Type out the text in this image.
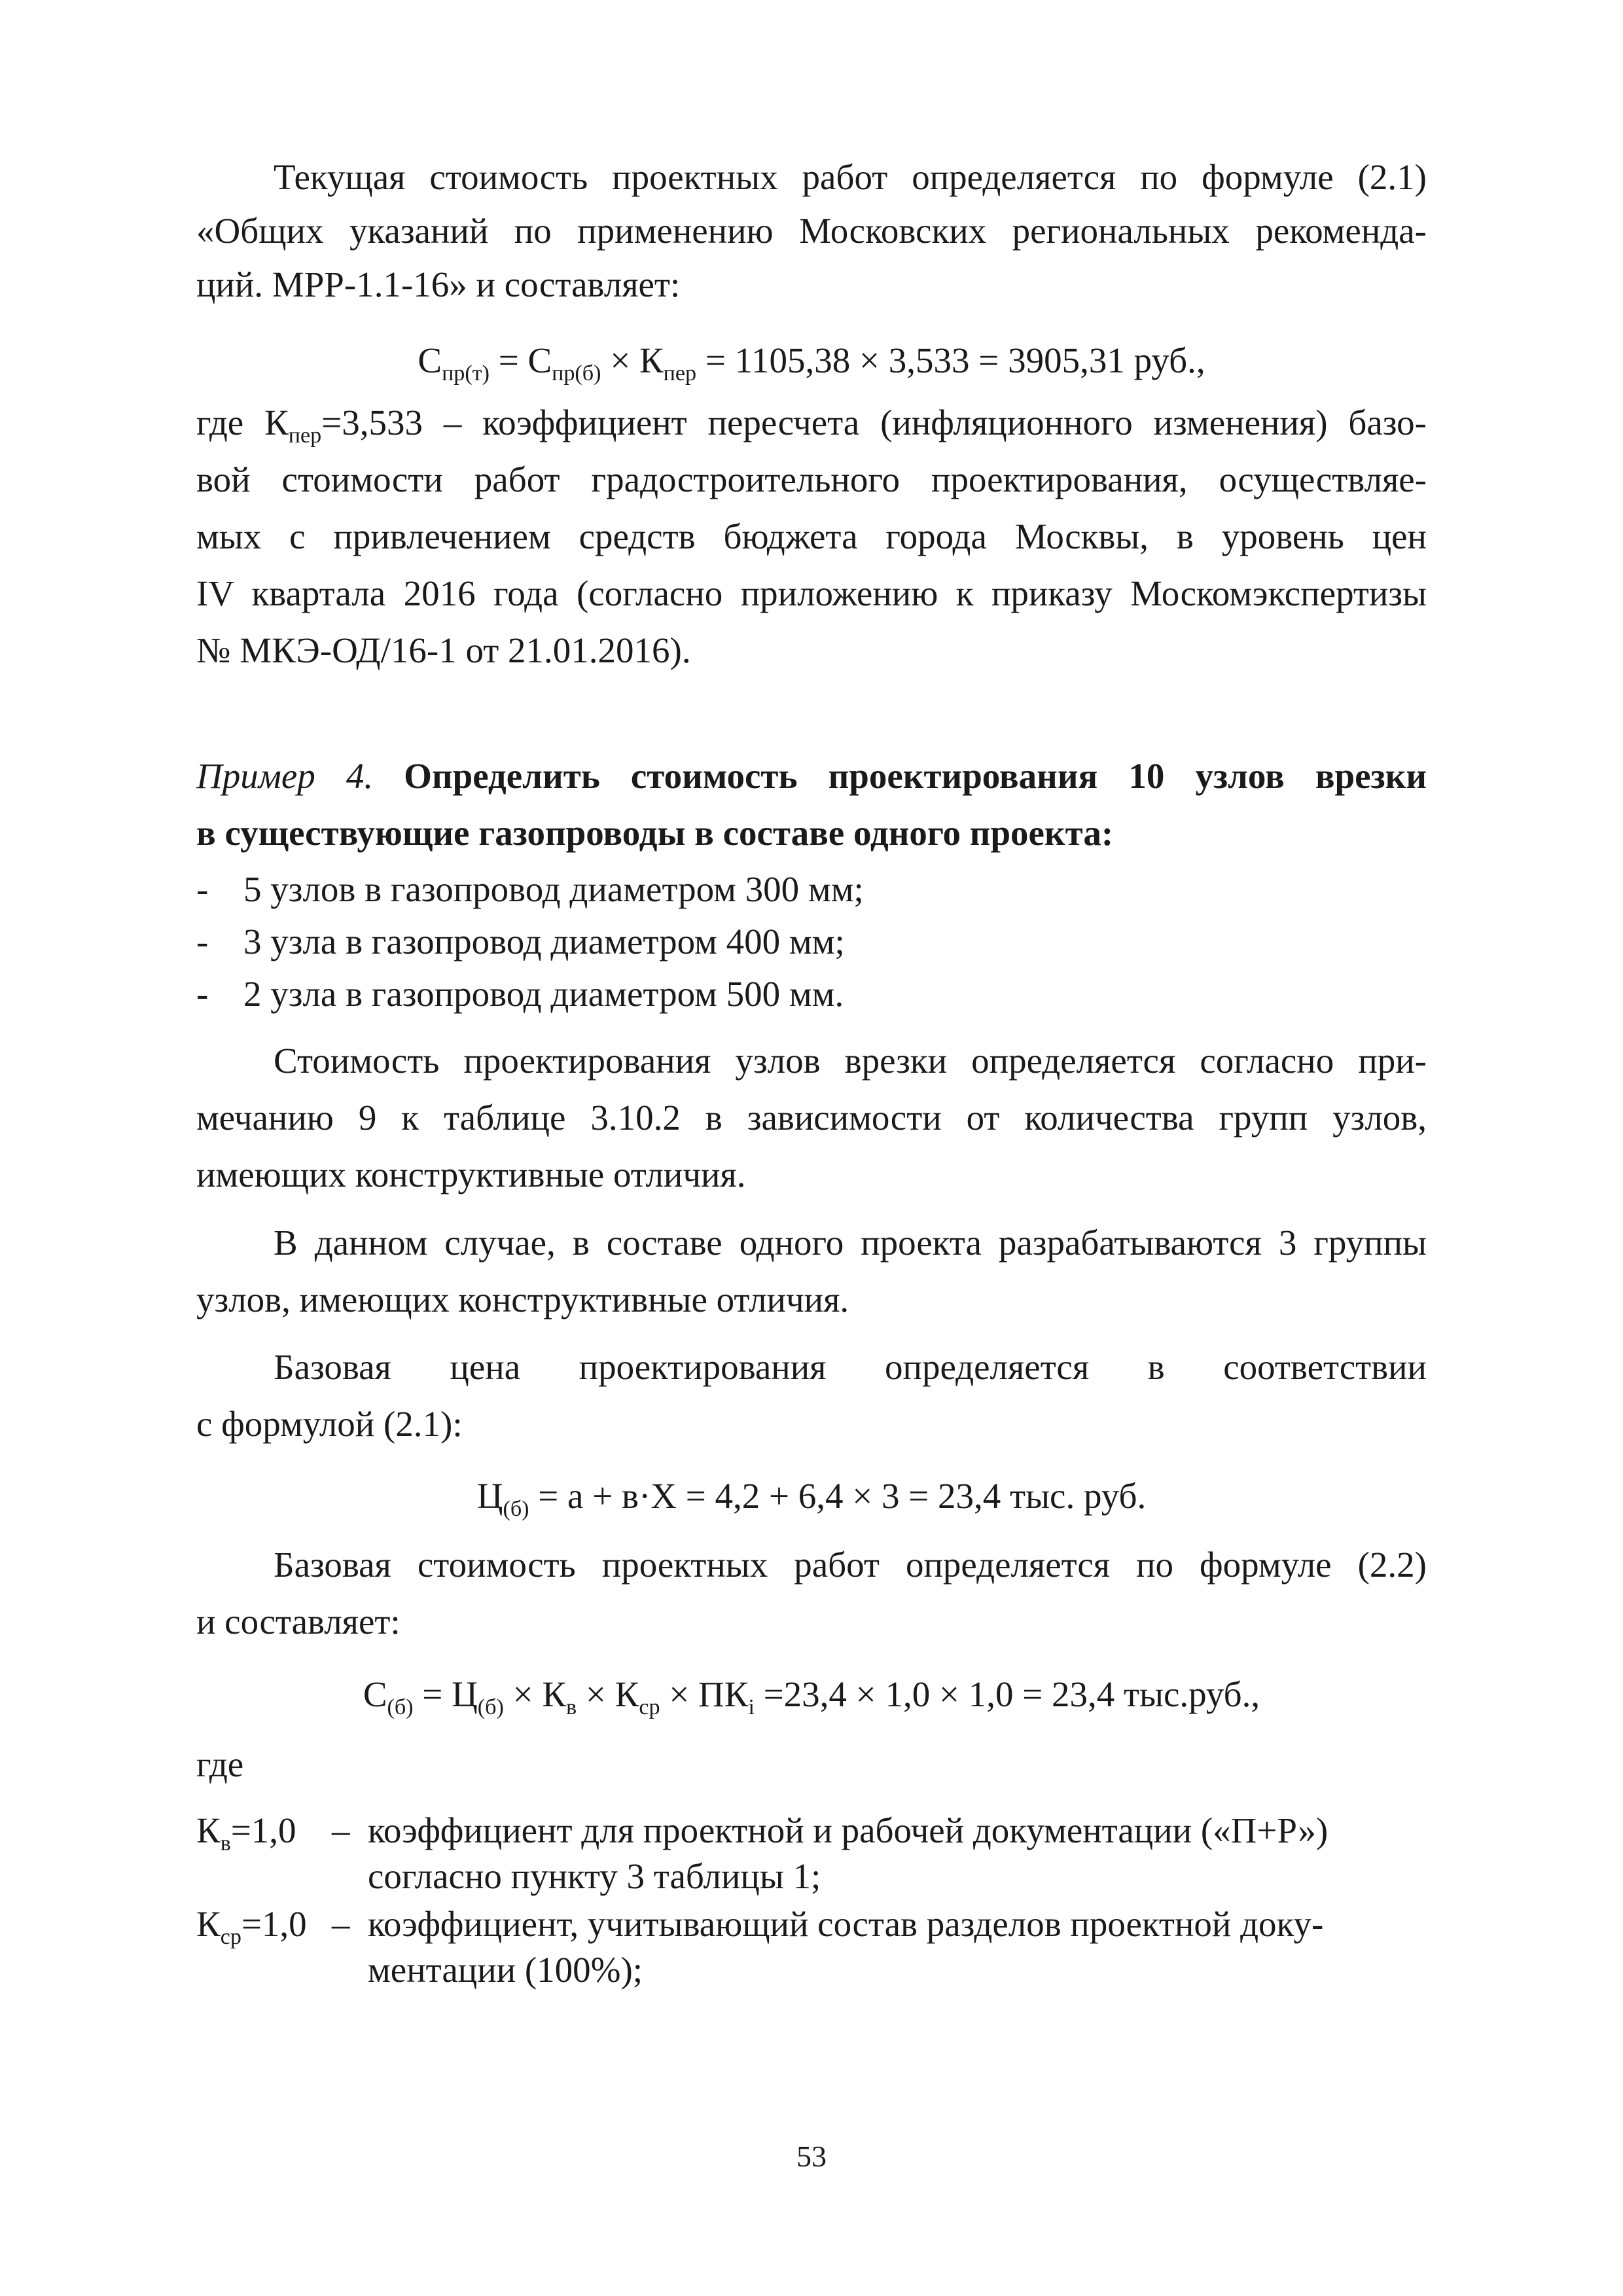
Текущая стоимость проектных работ определяется по формуле (2.1)
«Общих указаний по применению Московских региональных рекоменда-
ций. МРР-1.1-16» и составляет:
$С_{пр(т)} = С_{пр(б)} \times К_{пер} = 1105,38 \times 3,533 = 3905,31$ руб.,
где $К_{пер}=3,533$ – коэффициент пересчета (инфляционного изменения) базо-
вой стоимости работ градостроительного проектирования, осуществляе-
мых с привлечением средств бюджета города Москвы, в уровень цен
IV квартала 2016 года (согласно приложению к приказу Москомэкспертизы
№ МКЭ-ОД/16-1 от 21.01.2016).
Пример 4. Определить стоимость проектирования 10 узлов врезки
в существующие газопроводы в составе одного проекта:
- 5 узлов в газопровод диаметром 300 мм;
- 3 узла в газопровод диаметром 400 мм;
- 2 узла в газопровод диаметром 500 мм.
Стоимость проектирования узлов врезки определяется согласно при-
мечанию 9 к таблице 3.10.2 в зависимости от количества групп узлов,
имеющих конструктивные отличия.
В данном случае, в составе одного проекта разрабатываются 3 группы
узлов, имеющих конструктивные отличия.
Базовая цена проектирования определяется в соответствии
с формулой (2.1):
$Ц_{(б)} = а + в\cdot Х = 4,2 + 6,4 \times 3 = 23,4$ тыс. руб.
Базовая стоимость проектных работ определяется по формуле (2.2)
и составляет:
$С_{(б)} = Ц_{(б)} \times К_в \times К_{ср} \times ПК_i =23,4 \times 1,0 \times 1,0 = 23,4$ тыс.руб.,
где
$К_в=1,0$ – коэффициент для проектной и рабочей документации («П+Р»)
согласно пункту 3 таблицы 1;
$К_{ср}=1,0$ – коэффициент, учитывающий состав разделов проектной доку-
ментации (100%);
53
